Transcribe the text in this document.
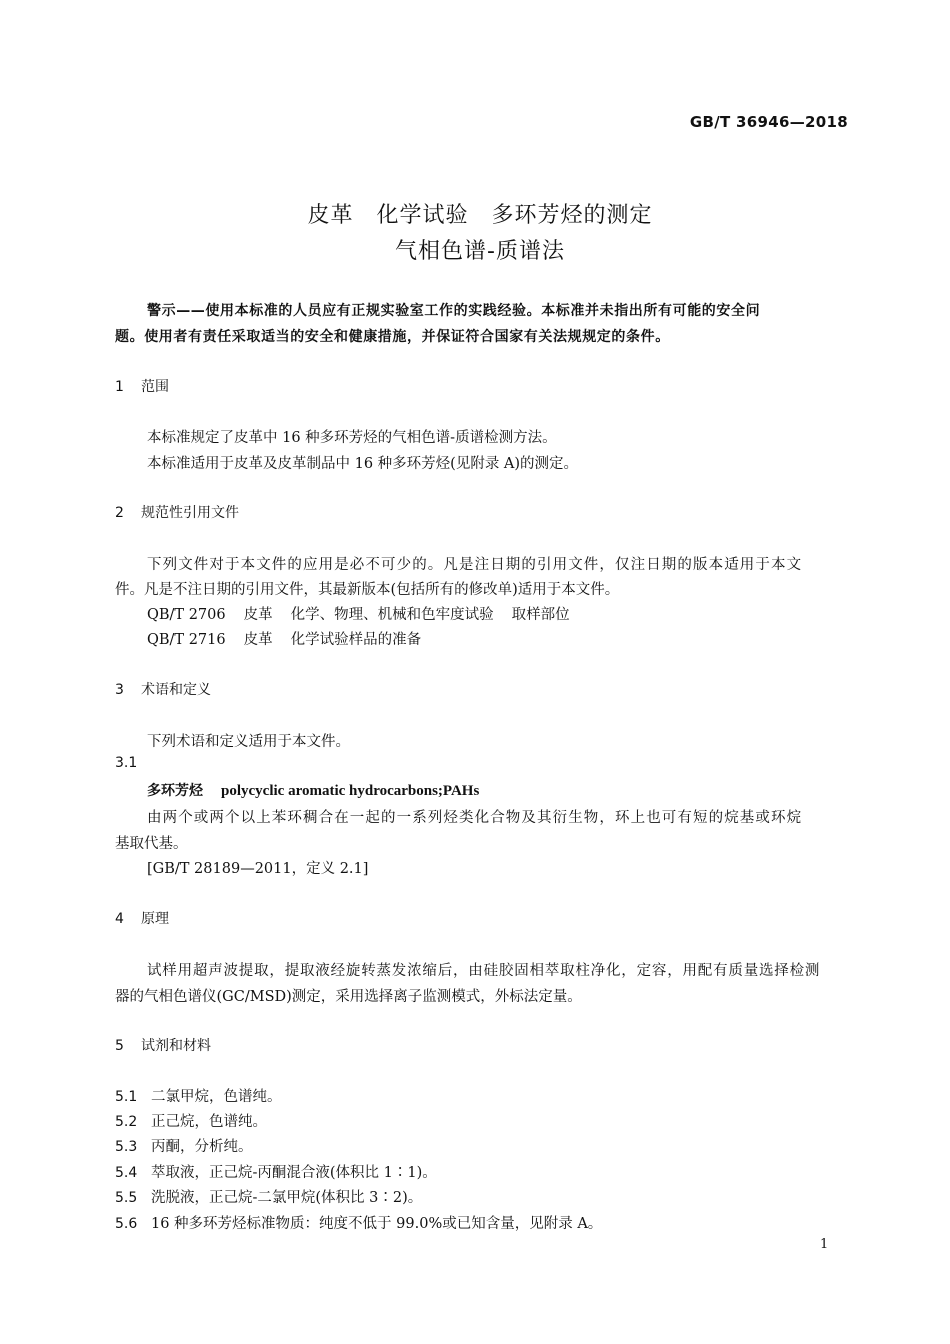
GB/T 36946—2018
皮革　化学试验　多环芳烃的测定
气相色谱-质谱法
警示——使用本标准的人员应有正规实验室工作的实践经验。本标准并未指出所有可能的安全问
题。使用者有责任采取适当的安全和健康措施，并保证符合国家有关法规规定的条件。
1 范围
本标准规定了皮革中 16 种多环芳烃的气相色谱-质谱检测方法。
本标准适用于皮革及皮革制品中 16 种多环芳烃(见附录 A)的测定。
2 规范性引用文件
下列文件对于本文件的应用是必不可少的。凡是注日期的引用文件，仅注日期的版本适用于本文
件。凡是不注日期的引用文件，其最新版本(包括所有的修改单)适用于本文件。
QB/T 2706 皮革 化学、物理、机械和色牢度试验 取样部位
QB/T 2716 皮革 化学试验样品的准备
3 术语和定义
下列术语和定义适用于本文件。
3.1
多环芳烃 polycyclic aromatic hydrocarbons;PAHs
由两个或两个以上苯环稠合在一起的一系列烃类化合物及其衍生物，环上也可有短的烷基或环烷
基取代基。
[GB/T 28189—2011，定义 2.1]
4 原理
试样用超声波提取，提取液经旋转蒸发浓缩后，由硅胶固相萃取柱净化，定容，用配有质量选择检测
器的气相色谱仪(GC/MSD)测定，采用选择离子监测模式，外标法定量。
5 试剂和材料
5.1 二氯甲烷，色谱纯。
5.2 正己烷，色谱纯。
5.3 丙酮，分析纯。
5.4 萃取液，正己烷-丙酮混合液(体积比 1∶1)。
5.5 洗脱液，正己烷-二氯甲烷(体积比 3∶2)。
5.6 16 种多环芳烃标准物质：纯度不低于 99.0%或已知含量，见附录 A。
1
